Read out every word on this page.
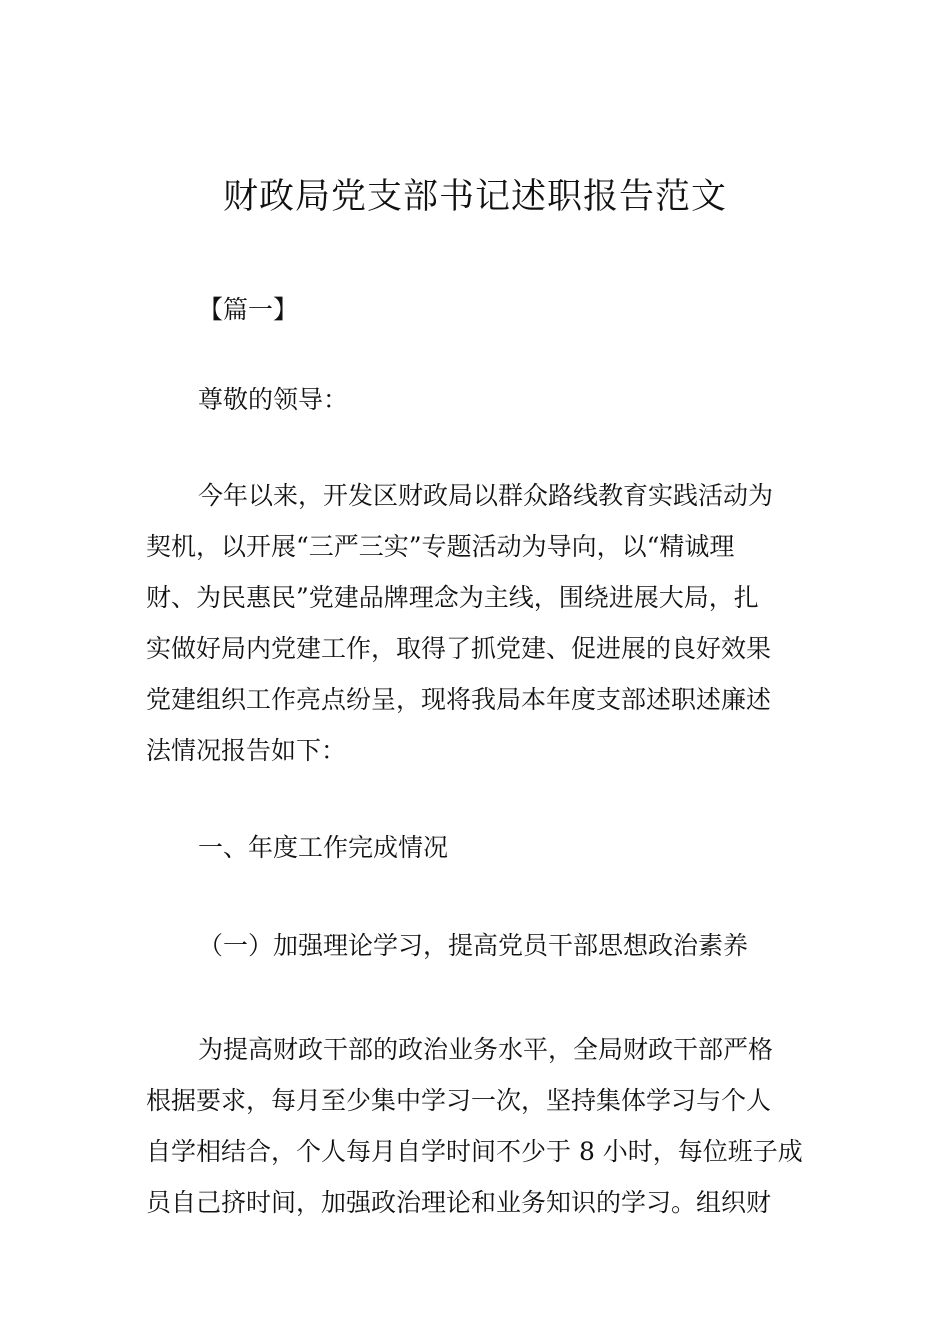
财政局党支部书记述职报告范文
【篇一】
尊敬的领导：
今年以来，开发区财政局以群众路线教育实践活动为
契机，以开展“三严三实”专题活动为导向，以“精诚理
财、为民惠民”党建品牌理念为主线，围绕进展大局，扎
实做好局内党建工作，取得了抓党建、促进展的良好效果
党建组织工作亮点纷呈，现将我局本年度支部述职述廉述
法情况报告如下：
一、年度工作完成情况
（一）加强理论学习，提高党员干部思想政治素养
为提高财政干部的政治业务水平，全局财政干部严格
根据要求，每月至少集中学习一次，坚持集体学习与个人
自学相结合，个人每月自学时间不少于 8 小时，每位班子成
员自己挤时间，加强政治理论和业务知识的学习。组织财
